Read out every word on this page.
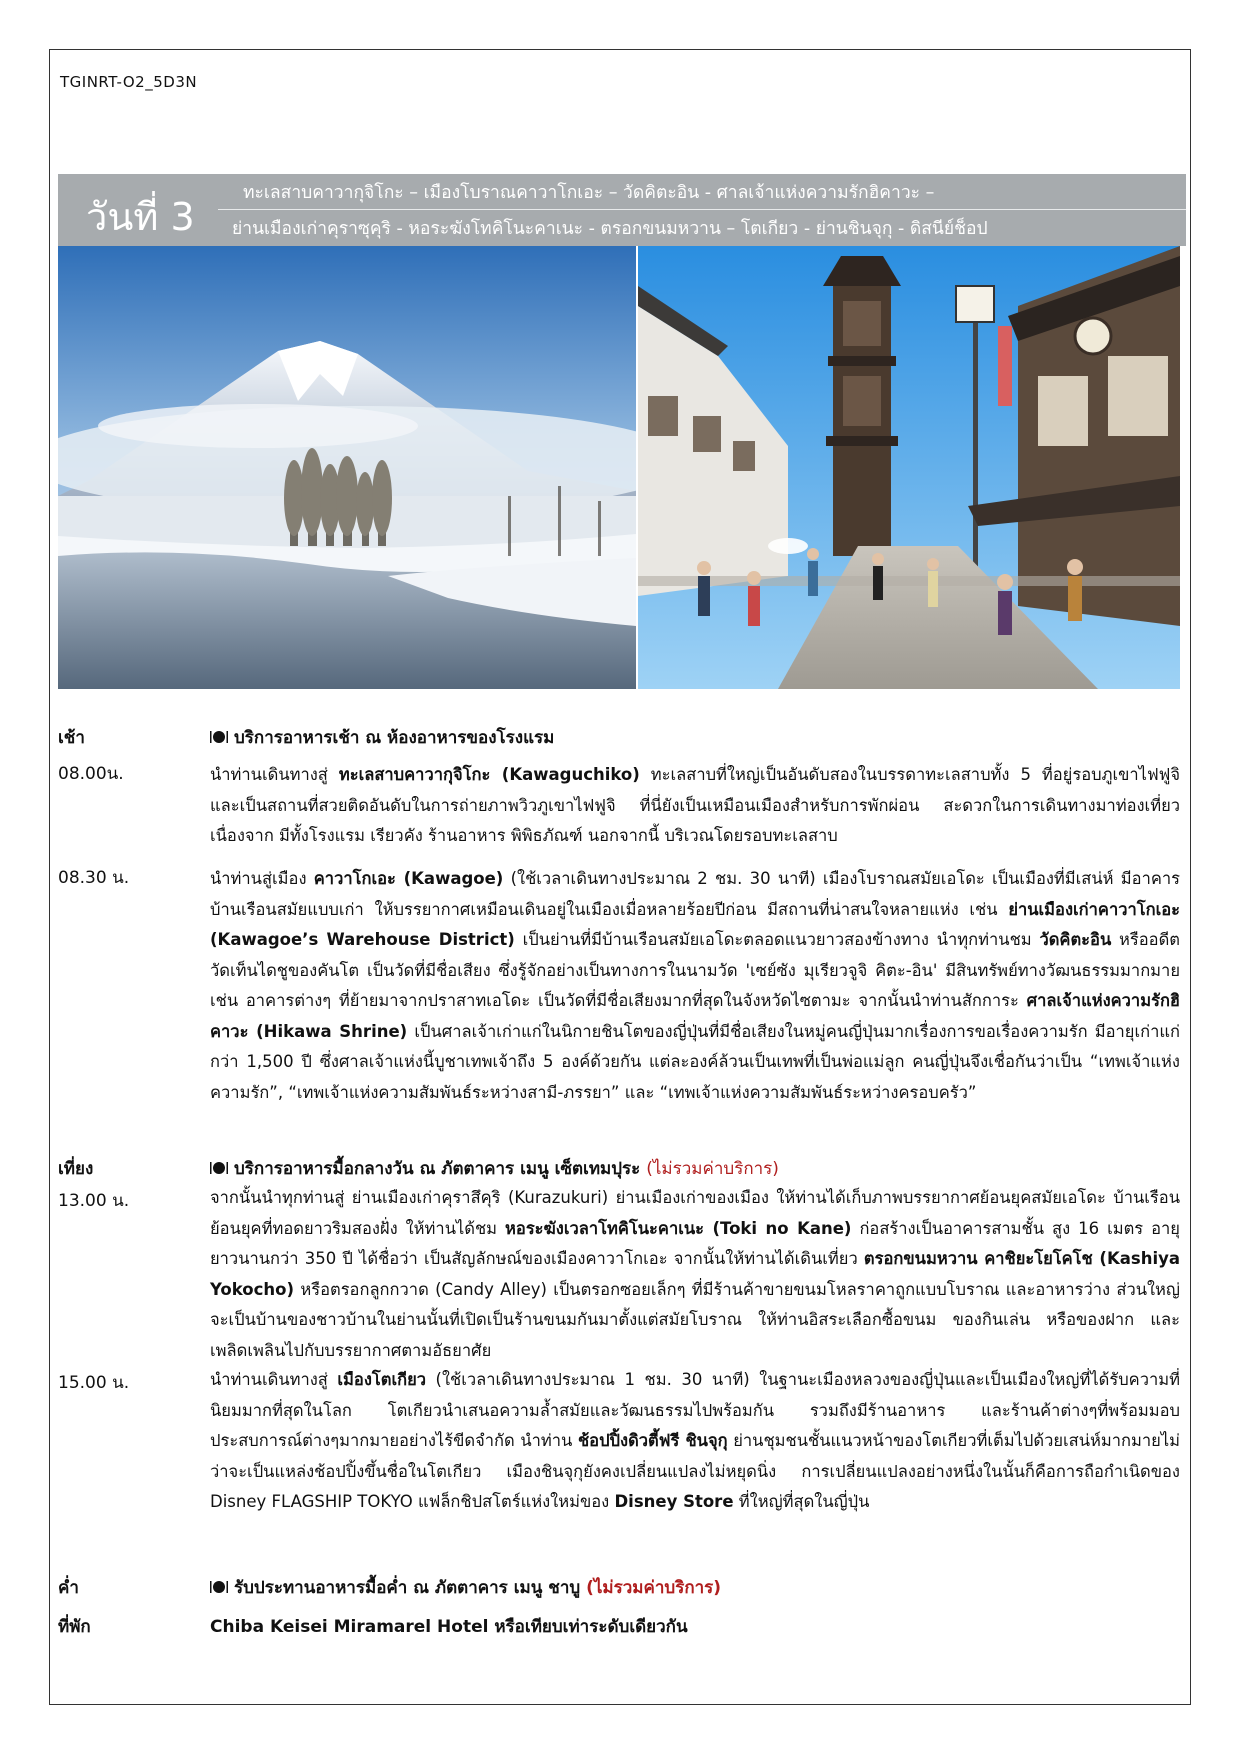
TGINRT-O2_5D3N
วันที่ 3
ทะเลสาบคาวากุจิโกะ – เมืองโบราณคาวาโกเอะ – วัดคิตะอิน - ศาลเจ้าแห่งความรักฮิคาวะ –
ย่านเมืองเก่าคุราซุคุริ - หอระฆังโทคิโนะคาเนะ - ตรอกขนมหวาน – โตเกียว - ย่านชินจุกุ - ดิสนีย์ช็อป
เช้า	บริการอาหารเช้า ณ ห้องอาหารของโรงแรม
08.00น.	นำท่านเดินทางสู่ ทะเลสาบคาวากุจิโกะ (Kawaguchiko) ทะเลสาบที่ใหญ่เป็นอันดับสองในบรรดาทะเลสาบทั้ง 5 ที่อยู่รอบภูเขาไฟฟูจิ และเป็นสถานที่สวยติดอันดับในการถ่ายภาพวิวภูเขาไฟฟูจิ ที่นี่ยังเป็นเหมือนเมืองสำหรับการพักผ่อน สะดวกในการเดินทางมาท่องเที่ยวเนื่องจาก มีทั้งโรงแรม เรียวคัง ร้านอาหาร พิพิธภัณฑ์ นอกจากนี้ บริเวณโดยรอบทะเลสาบ
08.30 น.	นำท่านสู่เมือง คาวาโกเอะ (Kawagoe) (ใช้เวลาเดินทางประมาณ 2 ชม. 30 นาที) เมืองโบราณสมัยเอโดะ เป็นเมืองที่มีเสน่ห์ มีอาคารบ้านเรือนสมัยแบบเก่า ให้บรรยากาศเหมือนเดินอยู่ในเมืองเมื่อหลายร้อยปีก่อน มีสถานที่น่าสนใจหลายแห่ง เช่น ย่านเมืองเก่าคาวาโกเอะ (Kawagoe’s Warehouse District) เป็นย่านที่มีบ้านเรือนสมัยเอโดะตลอดแนวยาวสองข้างทาง นำทุกท่านชม วัดคิตะอิน หรืออดีตวัดเท็นไดชูของคันโต เป็นวัดที่มีชื่อเสียง ซึ่งรู้จักอย่างเป็นทางการในนามวัด 'เซย์ซัง มุเรียวจูจิ คิตะ-อิน' มีสินทรัพย์ทางวัฒนธรรมมากมาย เช่น อาคารต่างๆ ที่ย้ายมาจากปราสาทเอโดะ เป็นวัดที่มีชื่อเสียงมากที่สุดในจังหวัดไซตามะ จากนั้นนำท่านสักการะ ศาลเจ้าแห่งความรักฮิคาวะ (Hikawa Shrine) เป็นศาลเจ้าเก่าแก่ในนิกายชินโตของญี่ปุ่นที่มีชื่อเสียงในหมู่คนญี่ปุ่นมากเรื่องการขอเรื่องความรัก มีอายุเก่าแก่กว่า 1,500 ปี ซึ่งศาลเจ้าแห่งนี้บูชาเทพเจ้าถึง 5 องค์ด้วยกัน แต่ละองค์ล้วนเป็นเทพที่เป็นพ่อแม่ลูก คนญี่ปุ่นจึงเชื่อกันว่าเป็น “เทพเจ้าแห่งความรัก”, “เทพเจ้าแห่งความสัมพันธ์ระหว่างสามี-ภรรยา” และ “เทพเจ้าแห่งความสัมพันธ์ระหว่างครอบครัว”
เที่ยง	บริการอาหารมื้อกลางวัน ณ ภัตตาคาร เมนู เซ็ตเทมปุระ (ไม่รวมค่าบริการ)
13.00 น.	จากนั้นนำทุกท่านสู่ ย่านเมืองเก่าคุราสึคุริ (Kurazukuri) ย่านเมืองเก่าของเมือง ให้ท่านได้เก็บภาพบรรยากาศย้อนยุคสมัยเอโดะ บ้านเรือนย้อนยุคที่ทอดยาวริมสองฝั่ง ให้ท่านได้ชม หอระฆังเวลาโทคิโนะคาเนะ (Toki no Kane) ก่อสร้างเป็นอาคารสามชั้น สูง 16 เมตร อายุยาวนานกว่า 350 ปี ได้ชื่อว่า เป็นสัญลักษณ์ของเมืองคาวาโกเอะ จากนั้นให้ท่านได้เดินเที่ยว ตรอกขนมหวาน คาชิยะโยโคโช (Kashiya Yokocho) หรือตรอกลูกกวาด (Candy Alley) เป็นตรอกซอยเล็กๆ ที่มีร้านค้าขายขนมโหลราคาถูกแบบโบราณ และอาหารว่าง ส่วนใหญ่จะเป็นบ้านของชาวบ้านในย่านนั้นที่เปิดเป็นร้านขนมกันมาตั้งแต่สมัยโบราณ ให้ท่านอิสระเลือกซื้อขนม ของกินเล่น หรือของฝาก และเพลิดเพลินไปกับบรรยากาศตามอัธยาศัย
15.00 น.	นำท่านเดินทางสู่ เมืองโตเกียว (ใช้เวลาเดินทางประมาณ 1 ชม. 30 นาที) ในฐานะเมืองหลวงของญี่ปุ่นและเป็นเมืองใหญ่ที่ได้รับความที่นิยมมากที่สุดในโลก โตเกียวนำเสนอความล้ำสมัยและวัฒนธรรมไปพร้อมกัน รวมถึงมีร้านอาหาร และร้านค้าต่างๆที่พร้อมมอบประสบการณ์ต่างๆมากมายอย่างไร้ขีดจำกัด นำท่าน ช้อปปิ้งดิวตี้ฟรี ชินจุกุ ย่านชุมชนชั้นแนวหน้าของโตเกียวที่เต็มไปด้วยเสน่ห์มากมายไม่ว่าจะเป็นแหล่งช้อปปิ้งขึ้นชื่อในโตเกียว เมืองชินจุกุยังคงเปลี่ยนแปลงไม่หยุดนิ่ง การเปลี่ยนแปลงอย่างหนึ่งในนั้นก็คือการถือกำเนิดของ Disney FLAGSHIP TOKYO แฟล็กชิปสโตร์แห่งใหม่ของ Disney Store ที่ใหญ่ที่สุดในญี่ปุ่น
ค่ำ	รับประทานอาหารมื้อค่ำ ณ ภัตตาคาร เมนู ชาบู (ไม่รวมค่าบริการ)
ที่พัก	Chiba Keisei Miramarel Hotel หรือเทียบเท่าระดับเดียวกัน
